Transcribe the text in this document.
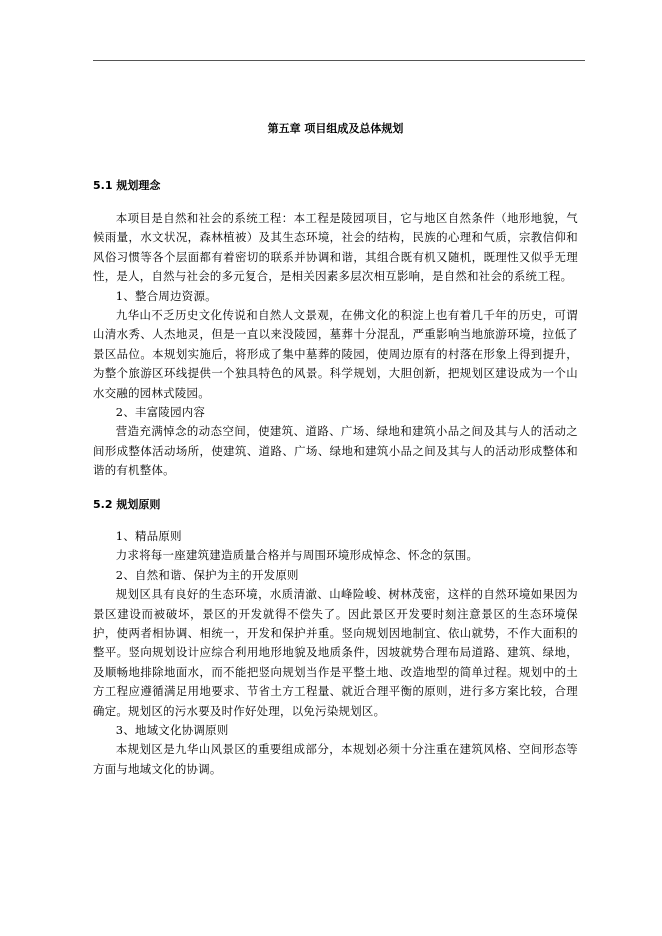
第五章 项目组成及总体规划
5.1 规划理念

本项目是自然和社会的系统工程：本工程是陵园项目，它与地区自然条件（地形地貌，气候雨量，水文状况，森林植被）及其生态环境，社会的结构，民族的心理和气质，宗教信仰和风俗习惯等各个层面都有着密切的联系并协调和谐，其组合既有机又随机，既理性又似乎无理性，是人，自然与社会的多元复合，是相关因素多层次相互影响，是自然和社会的系统工程。

1、整合周边资源。

九华山不乏历史文化传说和自然人文景观，在佛文化的积淀上也有着几千年的历史，可谓山清水秀、人杰地灵，但是一直以来没陵园，墓葬十分混乱，严重影响当地旅游环境，拉低了景区品位。本规划实施后，将形成了集中墓葬的陵园，使周边原有的村落在形象上得到提升，为整个旅游区环线提供一个独具特色的风景。科学规划，大胆创新，把规划区建设成为一个山水交融的园林式陵园。

2、丰富陵园内容

营造充满悼念的动态空间，使建筑、道路、广场、绿地和建筑小品之间及其与人的活动之间形成整体活动场所，使建筑、道路、广场、绿地和建筑小品之间及其与人的活动形成整体和谐的有机整体。

5.2 规划原则

1、精品原则

力求将每一座建筑建造质量合格并与周围环境形成悼念、怀念的氛围。

2、自然和谐、保护为主的开发原则

规划区具有良好的生态环境，水质清澈、山峰险峻、树林茂密，这样的自然环境如果因为景区建设而被破坏，景区的开发就得不偿失了。因此景区开发要时刻注意景区的生态环境保护，使两者相协调、相统一，开发和保护并重。竖向规划因地制宜、依山就势，不作大面积的整平。竖向规划设计应综合利用地形地貌及地质条件，因坡就势合理布局道路、建筑、绿地，及顺畅地排除地面水，而不能把竖向规划当作是平整土地、改造地型的简单过程。规划中的土方工程应遵循满足用地要求、节省土方工程量、就近合理平衡的原则，进行多方案比较，合理确定。规划区的污水要及时作好处理，以免污染规划区。

3、地域文化协调原则

本规划区是九华山风景区的重要组成部分，本规划必须十分注重在建筑风格、空间形态等方面与地域文化的协调。
